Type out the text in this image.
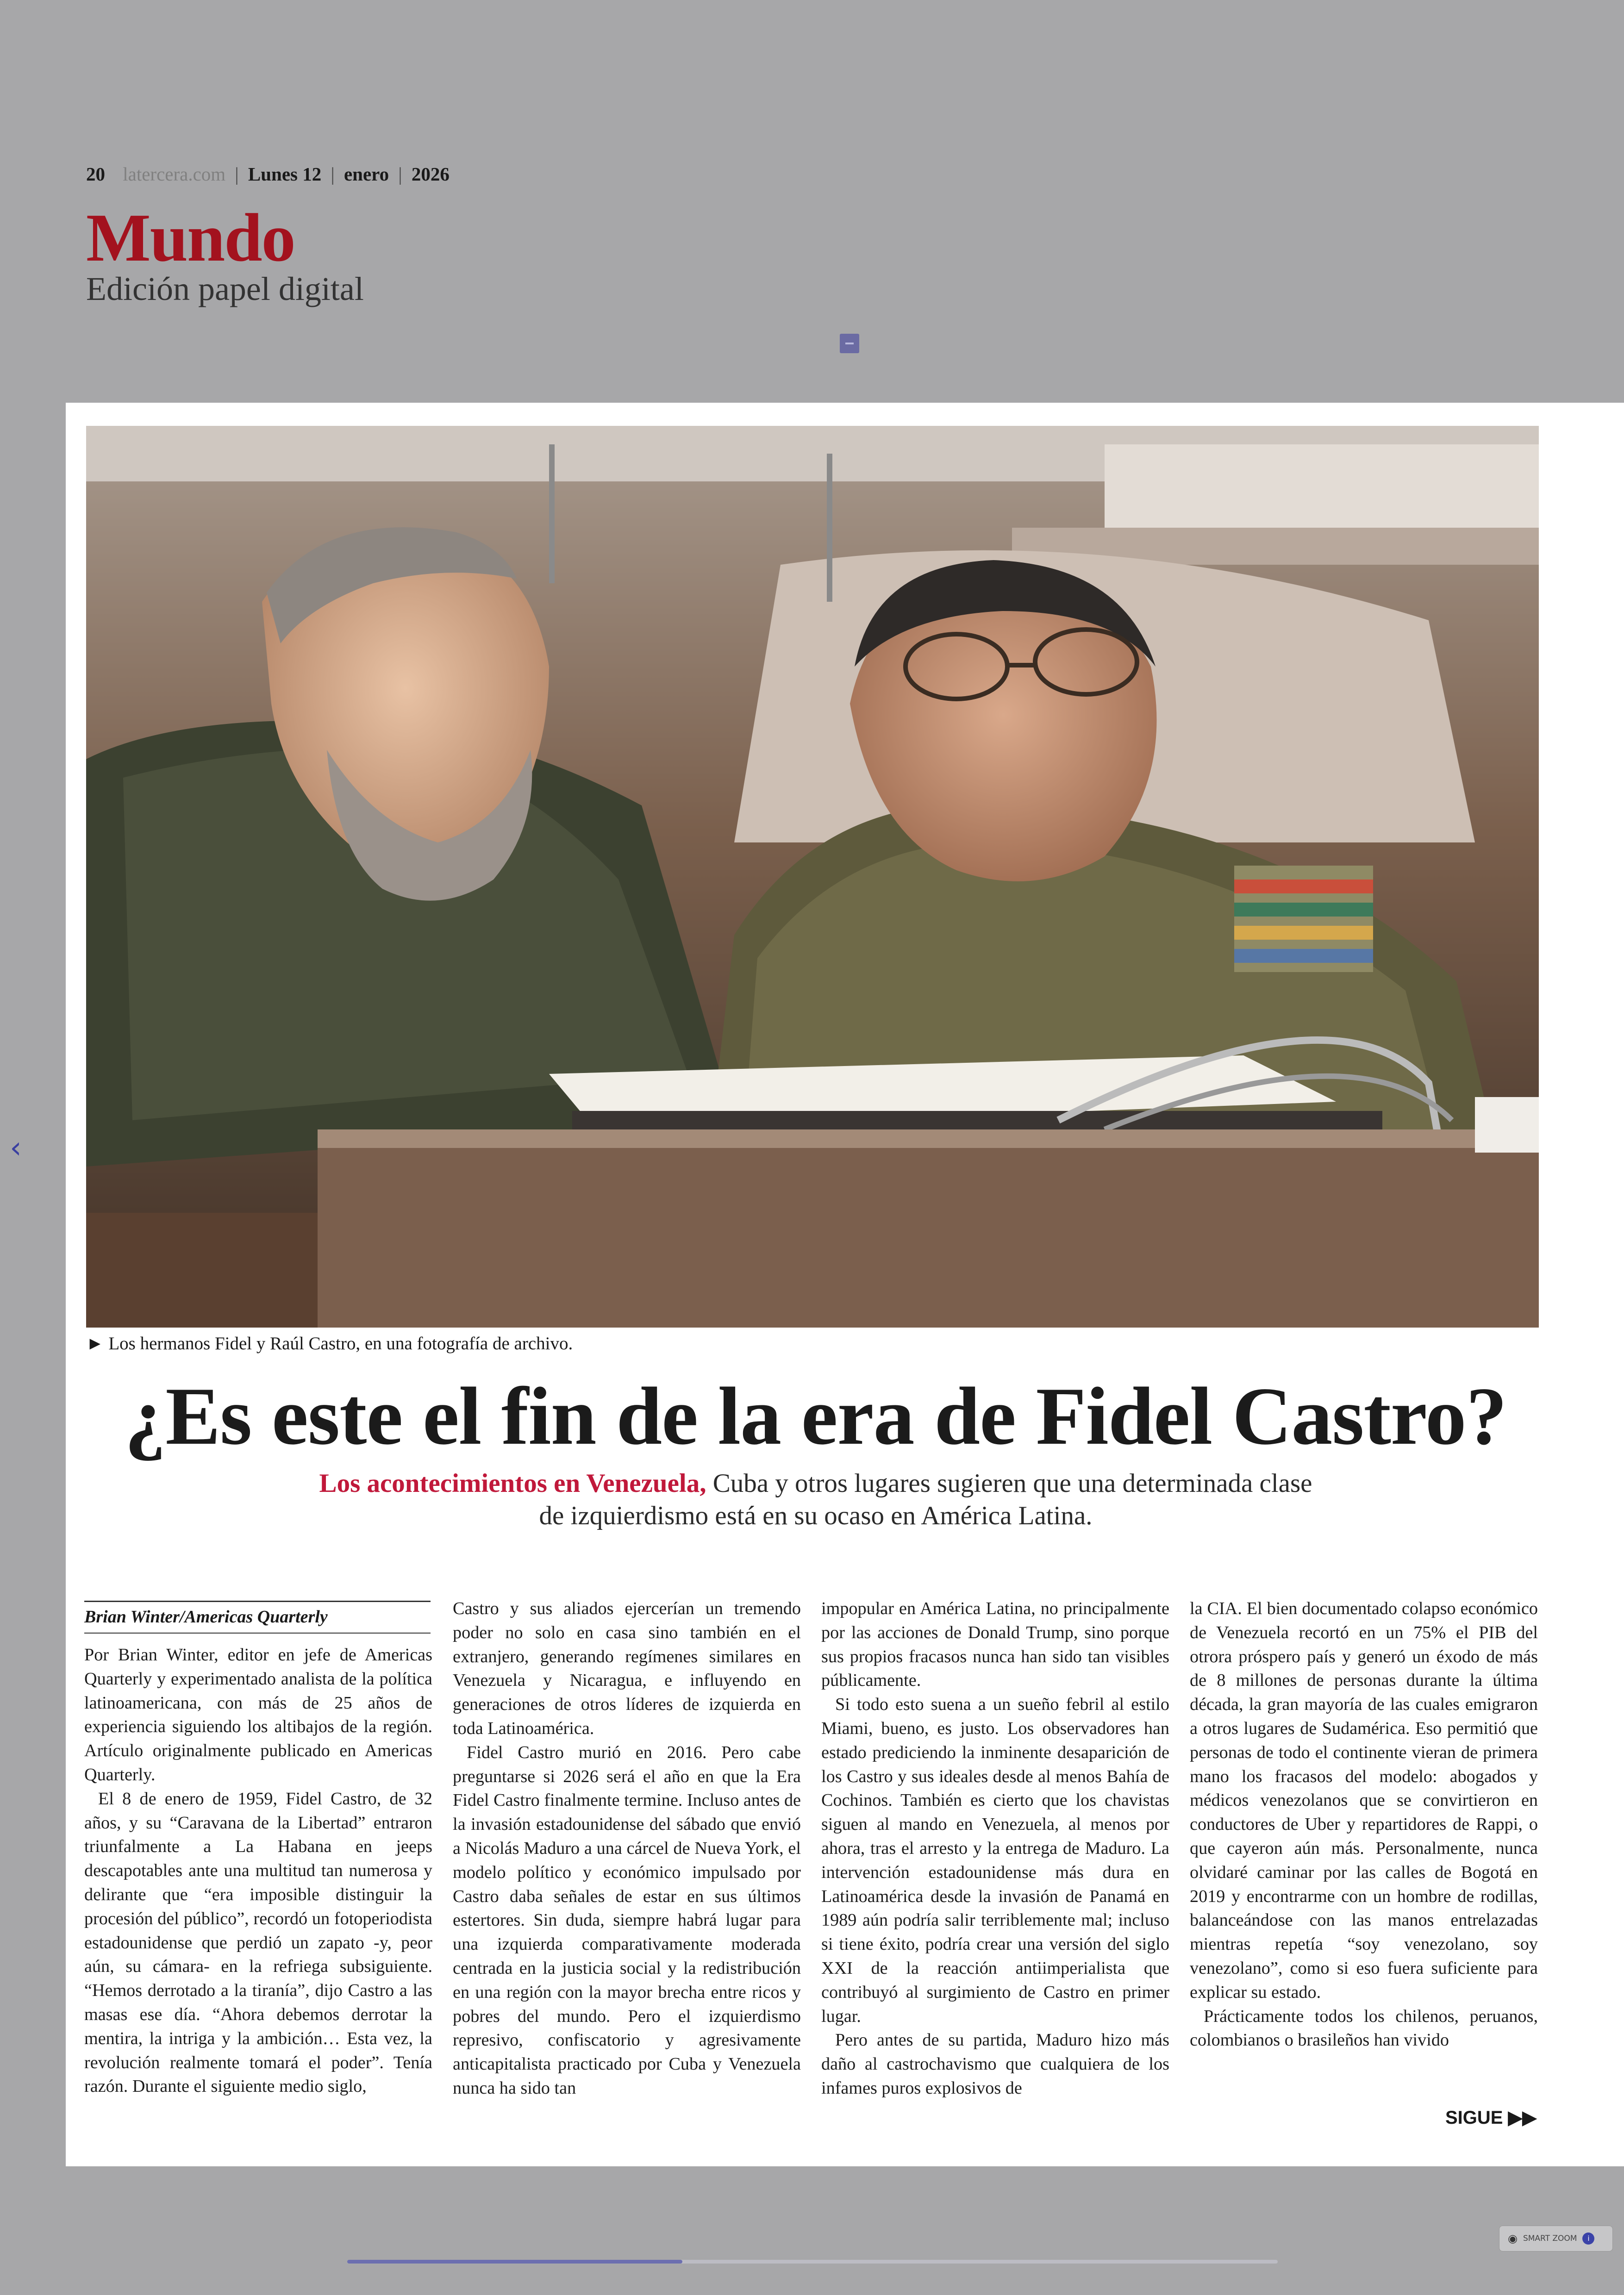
20 latercera.com | Lunes 12 | enero | 2026
Mundo
Edición papel digital
‹
► Los hermanos Fidel y Raúl Castro, en una fotografía de archivo.
¿Es este el fin de la era de Fidel Castro?
Los acontecimientos en Venezuela, Cuba y otros lugares sugieren que una determinada clase de izquierdismo está en su ocaso en América Latina.
Brian Winter/Americas Quarterly

Por Brian Winter, editor en jefe de Americas Quarterly y experimentado analista de la política latinoamericana, con más de 25 años de experiencia siguiendo los altibajos de la región. Artículo originalmente publicado en Americas Quarterly.

El 8 de enero de 1959, Fidel Castro, de 32 años, y su “Caravana de la Libertad” entraron triunfalmente a La Habana en jeeps descapotables ante una multitud tan numerosa y delirante que “era imposible distinguir la procesión del público”, recordó un fotoperiodista estadounidense que perdió un zapato -y, peor aún, su cámara- en la refriega subsiguiente. “Hemos derrotado a la tiranía”, dijo Castro a las masas ese día. “Ahora debemos derrotar la mentira, la intriga y la ambición… Esta vez, la revolución realmente tomará el poder”. Tenía razón. Durante el siguiente medio siglo,

Castro y sus aliados ejercerían un tremendo poder no solo en casa sino también en el extranjero, generando regímenes similares en Venezuela y Nicaragua, e influyendo en generaciones de otros líderes de izquierda en toda Latinoamérica.

Fidel Castro murió en 2016. Pero cabe preguntarse si 2026 será el año en que la Era Fidel Castro finalmente termine. Incluso antes de la invasión estadounidense del sábado que envió a Nicolás Maduro a una cárcel de Nueva York, el modelo político y económico impulsado por Castro daba señales de estar en sus últimos estertores. Sin duda, siempre habrá lugar para una izquierda comparativamente moderada centrada en la justicia social y la redistribución en una región con la mayor brecha entre ricos y pobres del mundo. Pero el izquierdismo represivo, confiscatorio y agresivamente anticapitalista practicado por Cuba y Venezuela nunca ha sido tan

impopular en América Latina, no principalmente por las acciones de Donald Trump, sino porque sus propios fracasos nunca han sido tan visibles públicamente.

Si todo esto suena a un sueño febril al estilo Miami, bueno, es justo. Los observadores han estado prediciendo la inminente desaparición de los Castro y sus ideales desde al menos Bahía de Cochinos. También es cierto que los chavistas siguen al mando en Venezuela, al menos por ahora, tras el arresto y la entrega de Maduro. La intervención estadounidense más dura en Latinoamérica desde la invasión de Panamá en 1989 aún podría salir terriblemente mal; incluso si tiene éxito, podría crear una versión del siglo XXI de la reacción antiimperialista que contribuyó al surgimiento de Castro en primer lugar.

Pero antes de su partida, Maduro hizo más daño al castrochavismo que cualquiera de los infames puros explosivos de

la CIA. El bien documentado colapso económico de Venezuela recortó en un 75% el PIB del otrora próspero país y generó un éxodo de más de 8 millones de personas durante la última década, la gran mayoría de las cuales emigraron a otros lugares de Sudamérica. Eso permitió que personas de todo el continente vieran de primera mano los fracasos del modelo: abogados y médicos venezolanos que se convirtieron en conductores de Uber y repartidores de Rappi, o que cayeron aún más. Personalmente, nunca olvidaré caminar por las calles de Bogotá en 2019 y encontrarme con un hombre de rodillas, balanceándose con las manos entrelazadas mientras repetía “soy venezolano, soy venezolano”, como si eso fuera suficiente para explicar su estado.

Prácticamente todos los chilenos, peruanos, colombianos o brasileños han vivido

SIGUE ▶▶
◉ SMART ZOOM	i
